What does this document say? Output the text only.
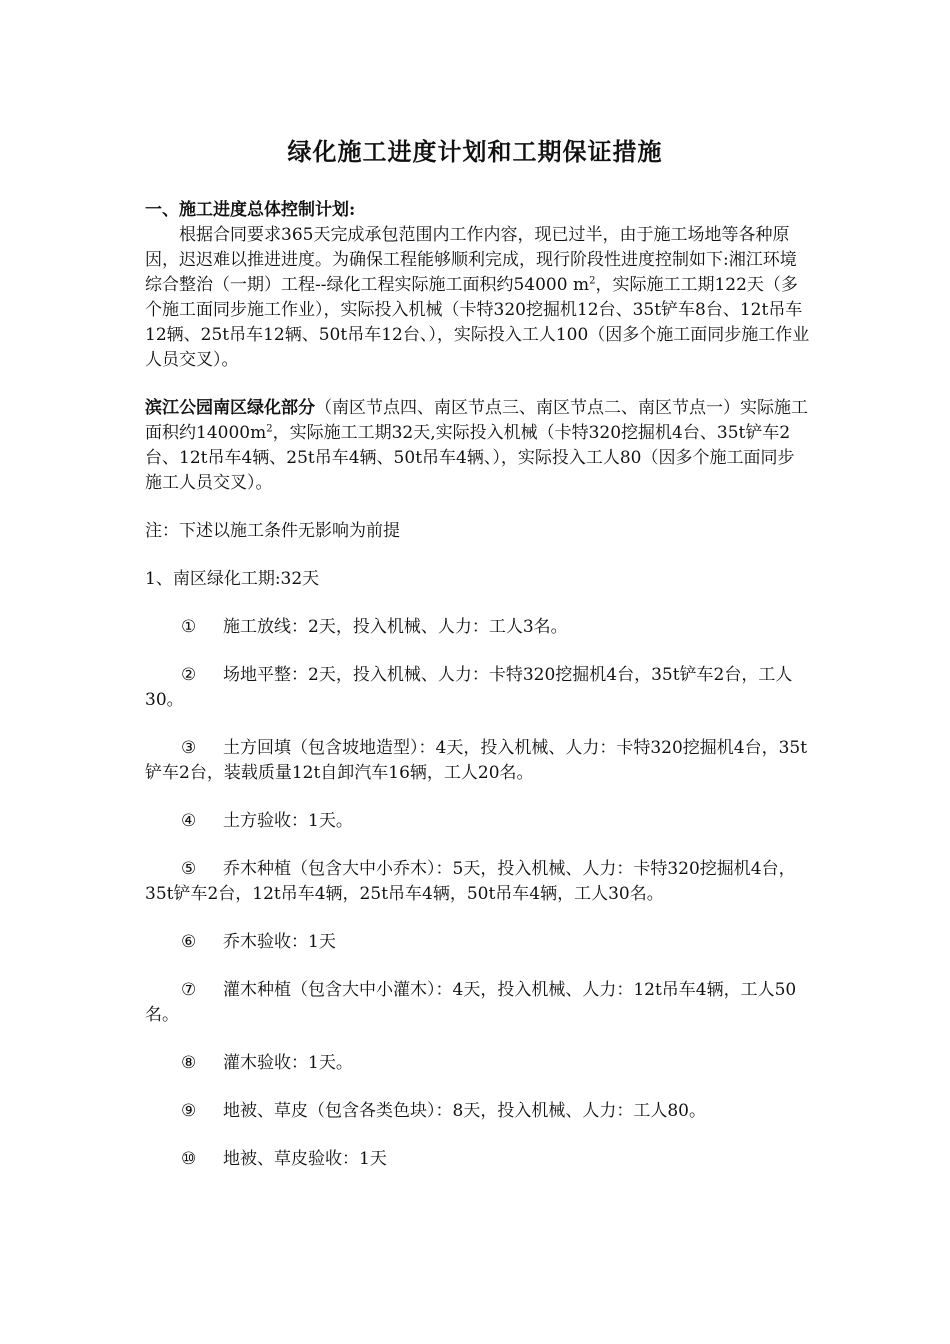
绿化施工进度计划和工期保证措施

一、施工进度总体控制计划:

根据合同要求365天完成承包范围内工作内容，现已过半，由于施工场地等各种原因，迟迟难以推进进度。为确保工程能够顺利完成，现行阶段性进度控制如下:湘江环境综合整治（一期）工程--绿化工程实际施工面积约54000 $m^2$，实际施工工期122天（多个施工面同步施工作业），实际投入机械（卡特320挖掘机12台、35t铲车8台、12t吊车12辆、25t吊车12辆、50t吊车12台、），实际投入工人100（因多个施工面同步施工作业人员交叉）。

滨江公园南区绿化部分（南区节点四、南区节点三、南区节点二、南区节点一）实际施工面积约$14000m^2$，实际施工工期32天,实际投入机械（卡特320挖掘机4台、35t铲车2台、12t吊车4辆、25t吊车4辆、50t吊车4辆、），实际投入工人80（因多个施工面同步施工人员交叉）。

注：下述以施工条件无影响为前提

1、南区绿化工期:32天

① 施工放线：2天，投入机械、人力：工人3名。

② 场地平整：2天，投入机械、人力：卡特320挖掘机4台，35t铲车2台，工人30。

③ 土方回填（包含坡地造型）：4天，投入机械、人力：卡特320挖掘机4台，35t铲车2台，装载质量12t自卸汽车16辆，工人20名。

④ 土方验收：1天。

⑤ 乔木种植（包含大中小乔木）：5天，投入机械、人力：卡特320挖掘机4台，35t铲车2台，12t吊车4辆，25t吊车4辆，50t吊车4辆，工人30名。

⑥ 乔木验收：1天

⑦ 灌木种植（包含大中小灌木）：4天，投入机械、人力：12t吊车4辆，工人50名。

⑧ 灌木验收：1天。

⑨ 地被、草皮（包含各类色块）：8天，投入机械、人力：工人80。

⑩ 地被、草皮验收：1天
